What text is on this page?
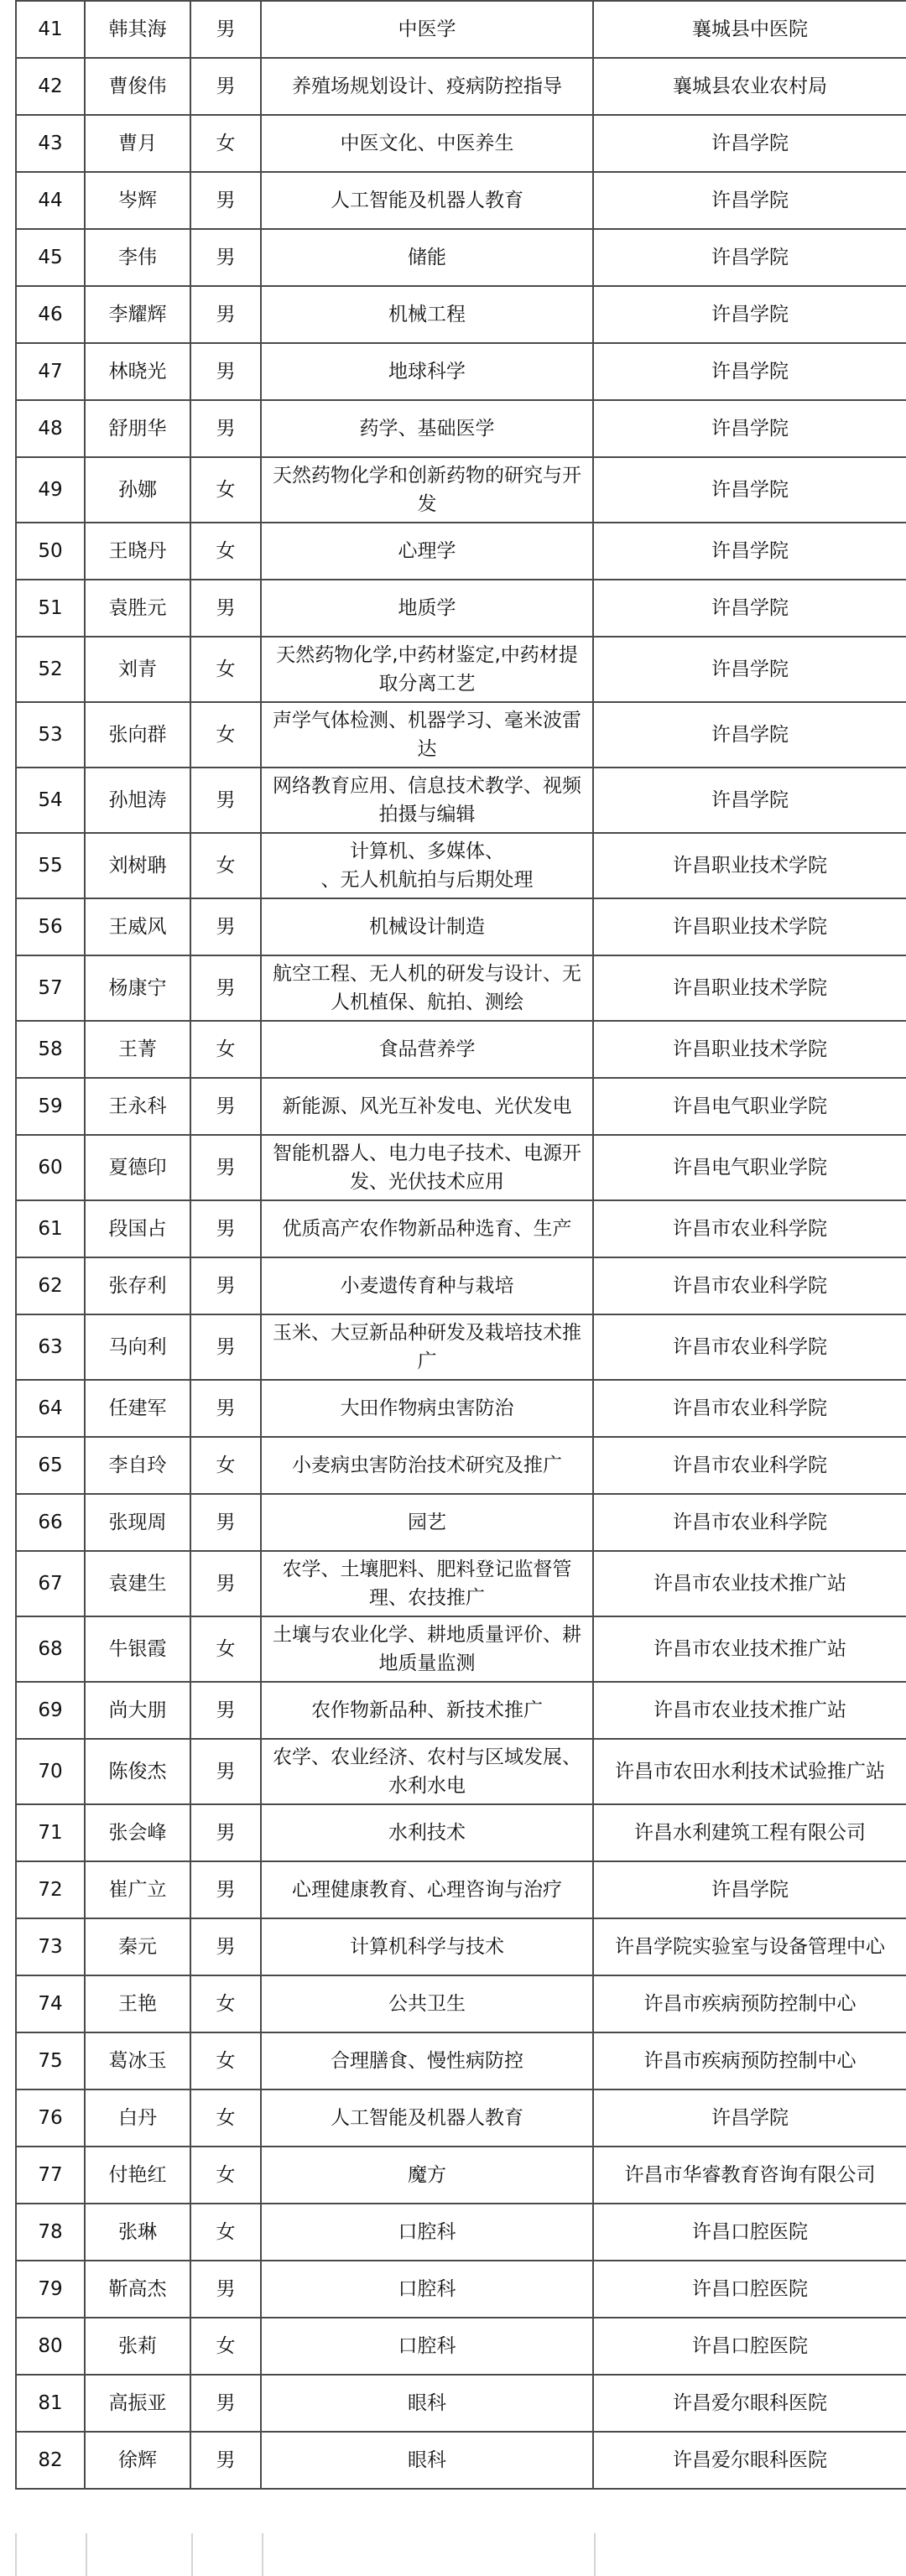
41	韩其海	男	中医学	襄城县中医院
42	曹俊伟	男	养殖场规划设计、疫病防控指导	襄城县农业农村局
43	曹月	女	中医文化、中医养生	许昌学院
44	岑辉	男	人工智能及机器人教育	许昌学院
45	李伟	男	储能	许昌学院
46	李耀辉	男	机械工程	许昌学院
47	林晓光	男	地球科学	许昌学院
48	舒朋华	男	药学、基础医学	许昌学院
49	孙娜	女	天然药物化学和创新药物的研究与开发	许昌学院
50	王晓丹	女	心理学	许昌学院
51	袁胜元	男	地质学	许昌学院
52	刘青	女	天然药物化学,中药材鉴定,中药材提取分离工艺	许昌学院
53	张向群	女	声学气体检测、机器学习、毫米波雷达	许昌学院
54	孙旭涛	男	网络教育应用、信息技术教学、视频拍摄与编辑	许昌学院
55	刘树聃	女	计算机、多媒体、
、无人机航拍与后期处理	许昌职业技术学院
56	王威风	男	机械设计制造	许昌职业技术学院
57	杨康宁	男	航空工程、无人机的研发与设计、无人机植保、航拍、测绘	许昌职业技术学院
58	王菁	女	食品营养学	许昌职业技术学院
59	王永科	男	新能源、风光互补发电、光伏发电	许昌电气职业学院
60	夏德印	男	智能机器人、电力电子技术、电源开发、光伏技术应用	许昌电气职业学院
61	段国占	男	优质高产农作物新品种选育、生产	许昌市农业科学院
62	张存利	男	小麦遗传育种与栽培	许昌市农业科学院
63	马向利	男	玉米、大豆新品种研发及栽培技术推广	许昌市农业科学院
64	任建军	男	大田作物病虫害防治	许昌市农业科学院
65	李自玲	女	小麦病虫害防治技术研究及推广	许昌市农业科学院
66	张现周	男	园艺	许昌市农业科学院
67	袁建生	男	农学、土壤肥料、肥料登记监督管理、农技推广	许昌市农业技术推广站
68	牛银霞	女	土壤与农业化学、耕地质量评价、耕地质量监测	许昌市农业技术推广站
69	尚大朋	男	农作物新品种、新技术推广	许昌市农业技术推广站
70	陈俊杰	男	农学、农业经济、农村与区域发展、水利水电	许昌市农田水利技术试验推广站
71	张会峰	男	水利技术	许昌水利建筑工程有限公司
72	崔广立	男	心理健康教育、心理咨询与治疗	许昌学院
73	秦元	男	计算机科学与技术	许昌学院实验室与设备管理中心
74	王艳	女	公共卫生	许昌市疾病预防控制中心
75	葛冰玉	女	合理膳食、慢性病防控	许昌市疾病预防控制中心
76	白丹	女	人工智能及机器人教育	许昌学院
77	付艳红	女	魔方	许昌市华睿教育咨询有限公司
78	张琳	女	口腔科	许昌口腔医院
79	靳高杰	男	口腔科	许昌口腔医院
80	张莉	女	口腔科	许昌口腔医院
81	高振亚	男	眼科	许昌爱尔眼科医院
82	徐辉	男	眼科	许昌爱尔眼科医院
